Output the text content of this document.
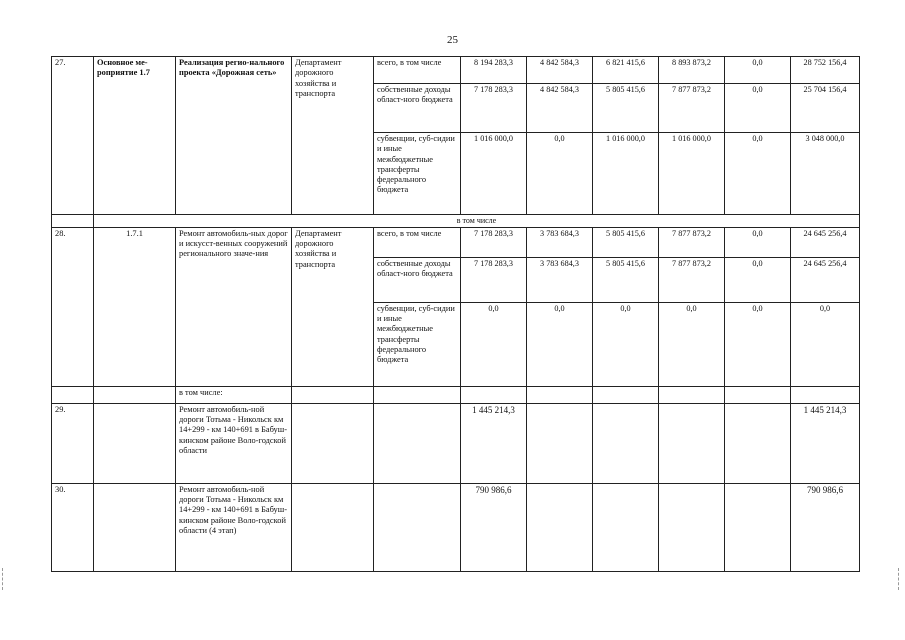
25
27.	Основное ме-роприятие 1.7	Реализация регио-нального проекта «Дорожная сеть»	Департамент дорожного хозяйства и транспорта	всего, в том числе	8 194 283,3	4 842 584,3	6 821 415,6	8 893 873,2	0,0	28 752 156,4
				собственные доходы област-ного бюджета	7 178 283,3	4 842 584,3	5 805 415,6	7 877 873,2	0,0	25 704 156,4
				субвенции, суб-сидии и иные межбюджетные трансферты федерального бюджета	1 016 000,0	0,0	1 016 000,0	1 016 000,0	0,0	3 048 000,0
	в том числе									
28.	1.7.1	Ремонт автомобиль-ных дорог и искусст-венных сооружений регионального значе-ния	Департамент дорожного хозяйства и транспорта	всего, в том числе	7 178 283,3	3 783 684,3	5 805 415,6	7 877 873,2	0,0	24 645 256,4
				собственные доходы област-ного бюджета	7 178 283,3	3 783 684,3	5 805 415,6	7 877 873,2	0,0	24 645 256,4
				субвенции, суб-сидии и иные межбюджетные трансферты федерального бюджета	0,0	0,0	0,0	0,0	0,0	0,0
		в том числе:								
29.		Ремонт автомобиль-ной дороги Тотьма - Никольск км 14+299 - км 140+691 в Бабуш-кинском районе Воло-годской области			1 445 214,3					1 445 214,3
30.		Ремонт автомобиль-ной дороги Тотьма - Никольск км 14+299 - км 140+691 в Бабуш-кинском районе Воло-годской области (4 этап)			790 986,6					790 986,6
